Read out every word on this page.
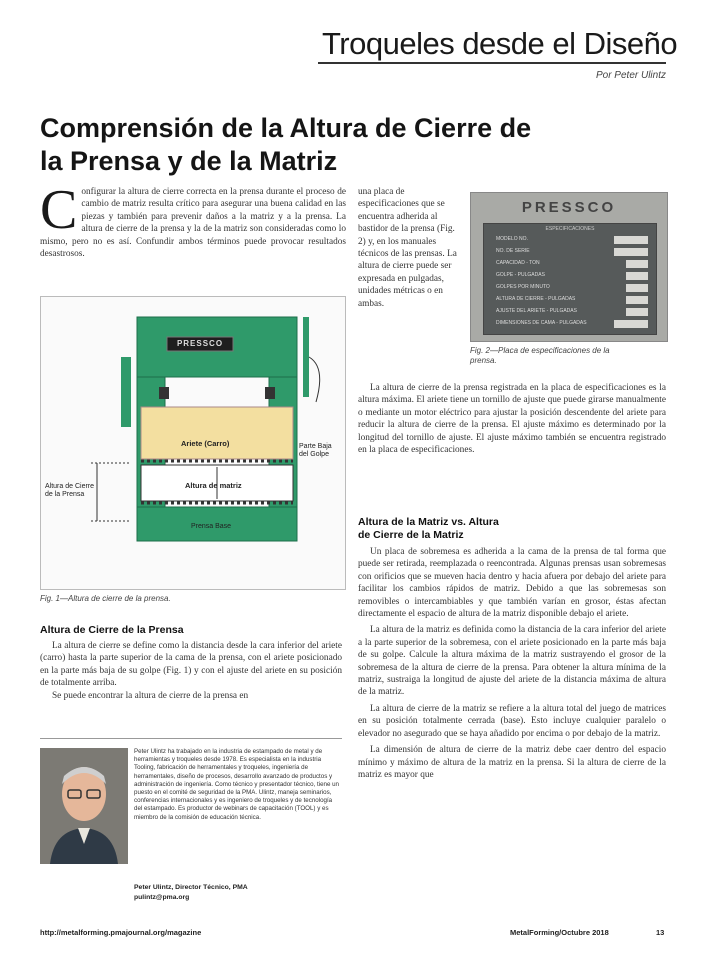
Troqueles desde el Diseño
Por Peter Ulintz
Comprensión de la Altura de Cierre de la Prensa y de la Matriz
C onfigurar la altura de cierre correcta en la prensa durante el proceso de cambio de matriz resulta crítico para asegurar una buena calidad en las piezas y también para prevenir daños a la matriz y a la prensa. La altura de cierre de la prensa y la de la matriz son consideradas como lo mismo, pero no es así. Confundir ambos términos puede provocar resultados desastrosos.

PRESSCO
Ariete (Carro)	Parte Baja
del Golpe
Altura de Cierre
de la Prensa
Altura de matriz
Prensa Base
Fig. 1—Altura de cierre de la prensa.
Altura de Cierre de la Prensa

La altura de cierre se define como la distancia desde la cara inferior del ariete (carro) hasta la parte superior de la cama de la prensa, con el ariete posicionado en la parte más baja de su golpe (Fig. 1) y con el ajuste del ariete en su posición de totalmente arriba.

Se puede encontrar la altura de cierre de la prensa en

Peter Ulintz ha trabajado en la industria de estampado de metal y de herramientas y troqueles desde 1978. Es especialista en la industria Tooling, fabricación de herramentales y troqueles, ingeniería de herramentales, diseño de procesos, desarrollo avanzado de productos y administración de ingeniería. Como técnico y presentador técnico, tiene un puesto en el comité de seguridad de la PMA. Ulintz, maneja seminarios, conferencias internacionales y es ingeniero de troqueles y de tecnología del estampado. Es productor de webinars de capacitación (TOOL) y es miembro de la comisión de educación técnica.
Peter Ulintz, Director Técnico, PMA
pulintz@pma.org

una placa de especificaciones que se encuentra adherida al bastidor de la prensa (Fig. 2) y, en los manuales técnicos de las prensas. La altura de cierre puede ser expresada en pulgadas, unidades métricas o en ambas.

PRESSCO
ESPECIFICACIONES
MODELO NO.
NO. DE SERIE
CAPACIDAD - TON
GOLPE - PULGADAS
GOLPES POR MINUTO
ALTURA DE CIERRE - PULGADAS
AJUSTE DEL ARIETE - PULGADAS
DIMENSIONES DE CAMA - PULGADAS
Fig. 2—Placa de especificaciones de la
prensa.

La altura de cierre de la prensa registrada en la placa de especificaciones es la altura máxima. El ariete tiene un tornillo de ajuste que puede girarse manualmente o mediante un motor eléctrico para ajustar la posición descendente del ariete para reducir la altura de cierre de la prensa. El ajuste máximo es determinado por la longitud del tornillo de ajuste. El ajuste máximo también se encuentra registrado en la placa de especificaciones.

Altura de la Matriz vs. Altura
de Cierre de la Matriz

Un placa de sobremesa es adherida a la cama de la prensa de tal forma que puede ser retirada, reemplazada o reencontrada. Algunas prensas usan sobremesas con orificios que se mueven hacia dentro y hacia afuera por debajo del ariete para facilitar los cambios rápidos de matriz. Debido a que las sobremesas son removibles o intercambiables y que también varían en grosor, éstas afectan directamente el espacio de altura de la matriz disponible debajo el ariete.

La altura de la matriz es definida como la distancia de la cara inferior del ariete a la parte superior de la sobremesa, con el ariete posicionado en la parte más baja de su golpe. Calcule la altura máxima de la matriz sustrayendo el grosor de la sobremesa de la altura de cierre de la prensa. Para obtener la altura mínima de la matriz, sustraiga la longitud de ajuste del ariete de la distancia máxima de altura de la matriz.

La altura de cierre de la matriz se refiere a la altura total del juego de matrices en su posición totalmente cerrada (base). Esto incluye cualquier paralelo o elevador no asegurado que se haya añadido por encima o por debajo de la matriz.

La dimensión de altura de cierre de la matriz debe caer dentro del espacio mínimo y máximo de altura de la matriz en la prensa. Si la altura de cierre de la matriz es mayor que

http://metalforming.pmajournal.org/magazine	MetalForming/Octubre 2018	13
